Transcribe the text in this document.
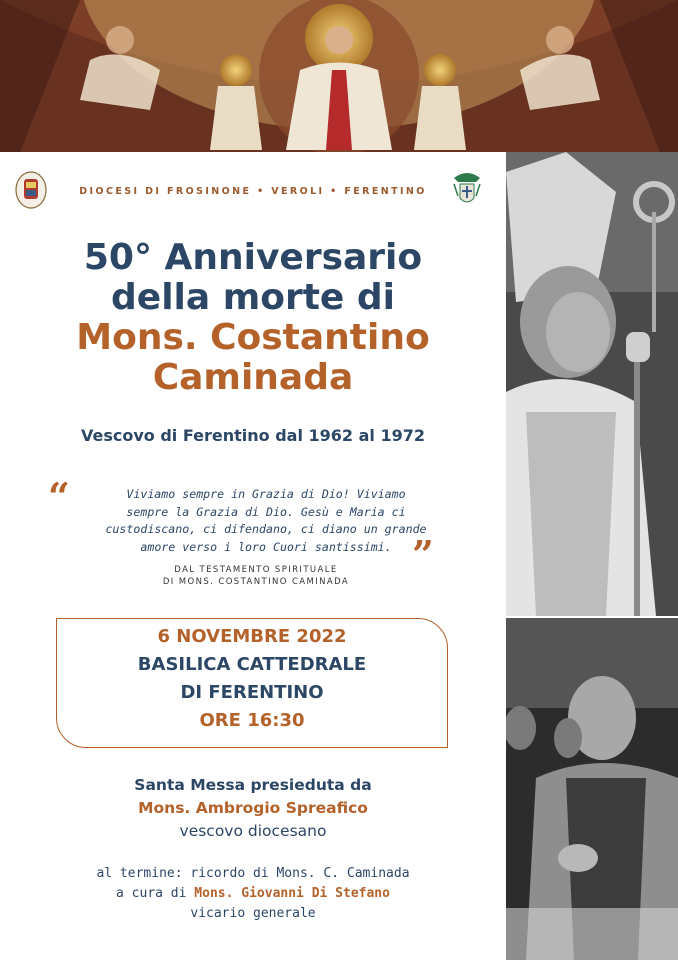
DIOCESI DI FROSINONE • VEROLI • FERENTINO
50° Anniversario
della morte di
Mons. Costantino
Caminada
Vescovo di Ferentino dal 1962 al 1972
“	Viviamo sempre in Grazia di Dio! Viviamo
sempre la Grazia di Dio. Gesù e Maria ci
custodiscano, ci difendano, ci diano un grande
amore verso i loro Cuori santissimi. ”
DAL TESTAMENTO SPIRITUALE
DI MONS. COSTANTINO CAMINADA
6 NOVEMBRE 2022
BASILICA CATTEDRALE
DI FERENTINO
ORE 16:30
Santa Messa presieduta da
Mons. Ambrogio Spreafico
vescovo diocesano
al termine: ricordo di Mons. C. Caminada
a cura di Mons. Giovanni Di Stefano
vicario generale
